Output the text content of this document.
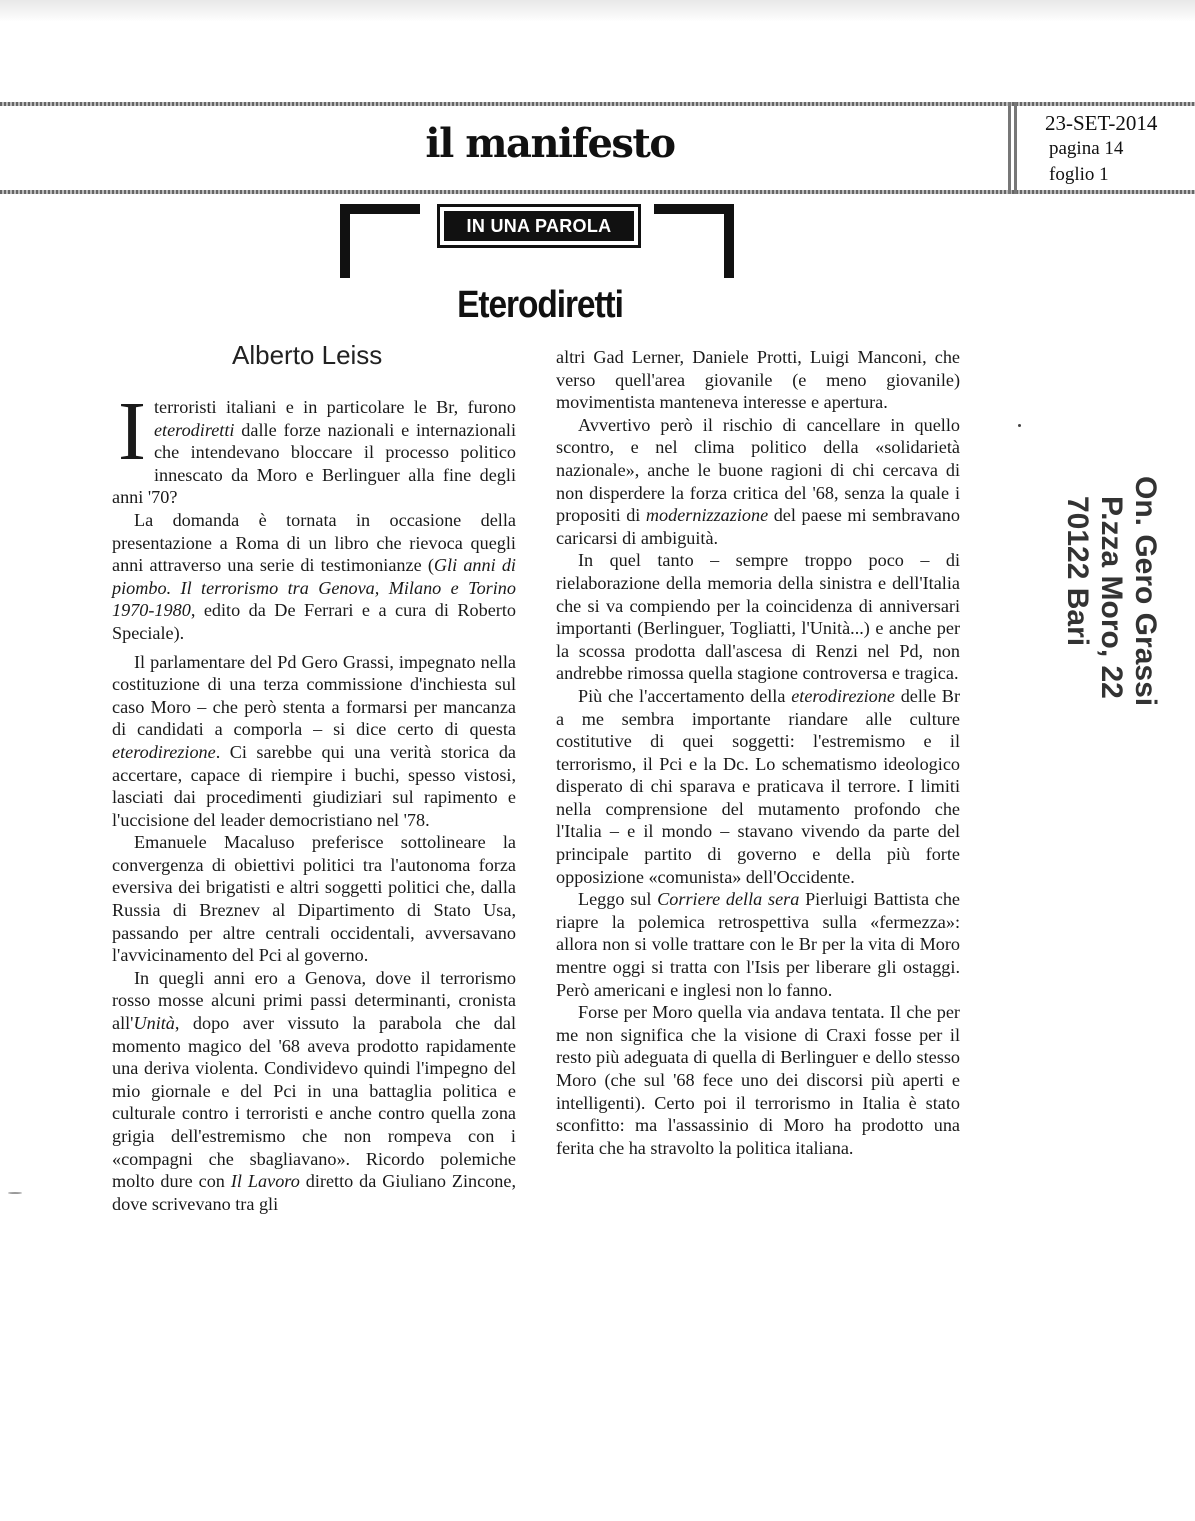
il manifesto	23-SET-2014
pagina 14
foglio 1
IN UNA PAROLA
Eterodiretti
Alberto Leiss

Iterroristi italiani e in particolare le Br, furono eterodiretti dalle forze nazionali e internazionali che intendevano bloccare il processo politico innescato da Moro e Berlinguer alla fine degli anni '70?

La domanda è tornata in occasione della presentazione a Roma di un libro che rievoca quegli anni attraverso una serie di testimonianze (Gli anni di piombo. Il terrorismo tra Genova, Milano e Torino 1970-1980, edito da De Ferrari e a cura di Roberto Speciale).

Il parlamentare del Pd Gero Grassi, impegnato nella costituzione di una terza commissione d'inchiesta sul caso Moro – che però stenta a formarsi per mancanza di candidati a comporla – si dice certo di questa eterodirezione. Ci sarebbe qui una verità storica da accertare, capace di riempire i buchi, spesso vistosi, lasciati dai procedimenti giudiziari sul rapimento e l'uccisione del leader democristiano nel '78.

Emanuele Macaluso preferisce sottolineare la convergenza di obiettivi politici tra l'autonoma forza eversiva dei brigatisti e altri soggetti politici che, dalla Russia di Breznev al Dipartimento di Stato Usa, passando per altre centrali occidentali, avversavano l'avvicinamento del Pci al governo.

In quegli anni ero a Genova, dove il terrorismo rosso mosse alcuni primi passi determinanti, cronista all'Unità, dopo aver vissuto la parabola che dal momento magico del '68 aveva prodotto rapidamente una deriva violenta. Condividevo quindi l'impegno del mio giornale e del Pci in una battaglia politica e culturale contro i terroristi e anche contro quella zona grigia dell'estremismo che non rompeva con i «compagni che sbagliavano». Ricordo polemiche molto dure con Il Lavoro diretto da Giuliano Zincone, dove scrivevano tra gli

altri Gad Lerner, Daniele Protti, Luigi Manconi, che verso quell'area giovanile (e meno giovanile) movimentista manteneva interesse e apertura.

Avvertivo però il rischio di cancellare in quello scontro, e nel clima politico della «solidarietà nazionale», anche le buone ragioni di chi cercava di non disperdere la forza critica del '68, senza la quale i propositi di modernizzazione del paese mi sembravano caricarsi di ambiguità.

In quel tanto – sempre troppo poco – di rielaborazione della memoria della sinistra e dell'Italia che si va compiendo per la coincidenza di anniversari importanti (Berlinguer, Togliatti, l'Unità...) e anche per la scossa prodotta dall'ascesa di Renzi nel Pd, non andrebbe rimossa quella stagione controversa e tragica.

Più che l'accertamento della eterodirezione delle Br a me sembra importante riandare alle culture costitutive di quei soggetti: l'estremismo e il terrorismo, il Pci e la Dc. Lo schematismo ideologico disperato di chi sparava e praticava il terrore. I limiti nella comprensione del mutamento profondo che l'Italia – e il mondo – stavano vivendo da parte del principale partito di governo e della più forte opposizione «comunista» dell'Occidente.

Leggo sul Corriere della sera Pierluigi Battista che riapre la polemica retrospettiva sulla «fermezza»: allora non si volle trattare con le Br per la vita di Moro mentre oggi si tratta con l'Isis per liberare gli ostaggi. Però americani e inglesi non lo fanno.

Forse per Moro quella via andava tentata. Il che per me non significa che la visione di Craxi fosse per il resto più adeguata di quella di Berlinguer e dello stesso Moro (che sul '68 fece uno dei discorsi più aperti e intelligenti). Certo poi il terrorismo in Italia è stato sconfitto: ma l'assassinio di Moro ha prodotto una ferita che ha stravolto la politica italiana.

On. Gero Grassi
P.zza Moro, 22
70122 Bari
